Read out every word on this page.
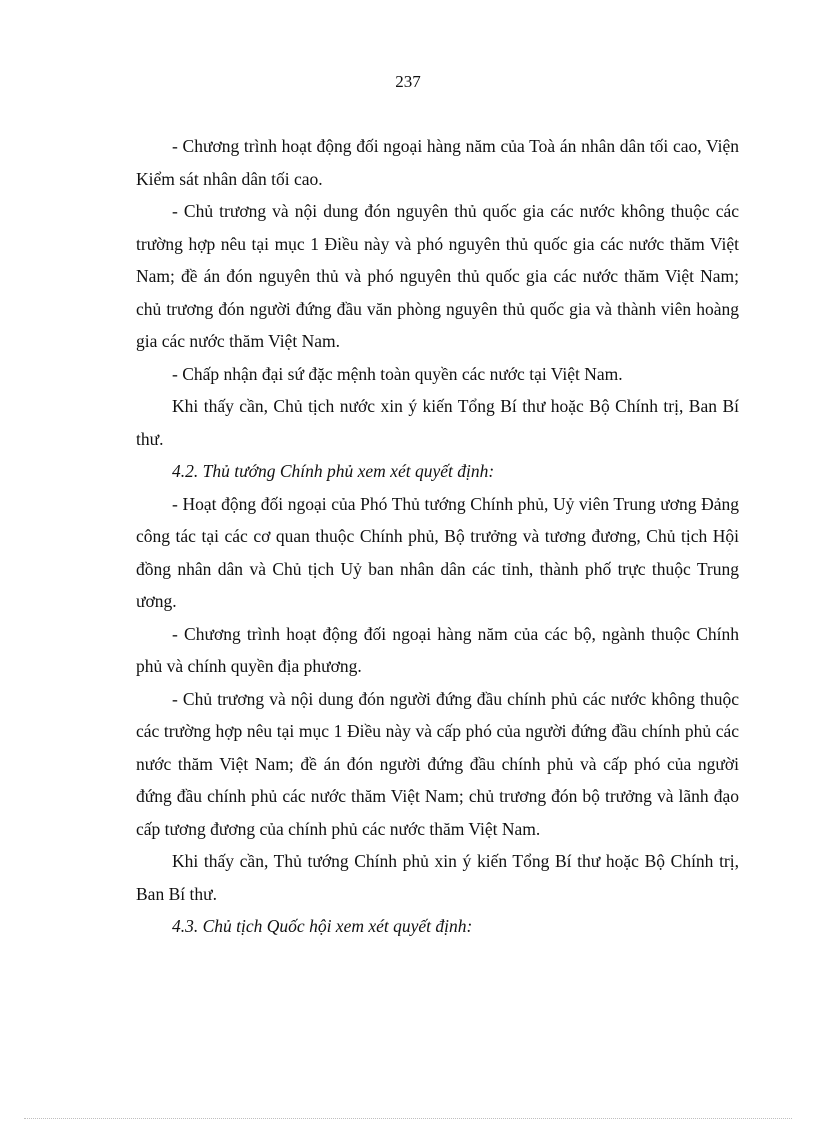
237

- Chương trình hoạt động đối ngoại hàng năm của Toà án nhân dân tối cao, Viện Kiểm sát nhân dân tối cao.

- Chủ trương và nội dung đón nguyên thủ quốc gia các nước không thuộc các trường hợp nêu tại mục 1 Điều này và phó nguyên thủ quốc gia các nước thăm Việt Nam; đề án đón nguyên thủ và phó nguyên thủ quốc gia các nước thăm Việt Nam; chủ trương đón người đứng đầu văn phòng nguyên thủ quốc gia và thành viên hoàng gia các nước thăm Việt Nam.

- Chấp nhận đại sứ đặc mệnh toàn quyền các nước tại Việt Nam.

Khi thấy cần, Chủ tịch nước xin ý kiến Tổng Bí thư hoặc Bộ Chính trị, Ban Bí thư.

4.2. Thủ tướng Chính phủ xem xét quyết định:

- Hoạt động đối ngoại của Phó Thủ tướng Chính phủ, Uỷ viên Trung ương Đảng công tác tại các cơ quan thuộc Chính phủ, Bộ trưởng và tương đương, Chủ tịch Hội đồng nhân dân và Chủ tịch Uỷ ban nhân dân các tỉnh, thành phố trực thuộc Trung ương.

- Chương trình hoạt động đối ngoại hàng năm của các bộ, ngành thuộc Chính phủ và chính quyền địa phương.

- Chủ trương và nội dung đón người đứng đầu chính phủ các nước không thuộc các trường hợp nêu tại mục 1 Điều này và cấp phó của người đứng đầu chính phủ các nước thăm Việt Nam; đề án đón người đứng đầu chính phủ và cấp phó của người đứng đầu chính phủ các nước thăm Việt Nam; chủ trương đón bộ trưởng và lãnh đạo cấp tương đương của chính phủ các nước thăm Việt Nam.

Khi thấy cần, Thủ tướng Chính phủ xin ý kiến Tổng Bí thư hoặc Bộ Chính trị, Ban Bí thư.

4.3. Chủ tịch Quốc hội xem xét quyết định:
